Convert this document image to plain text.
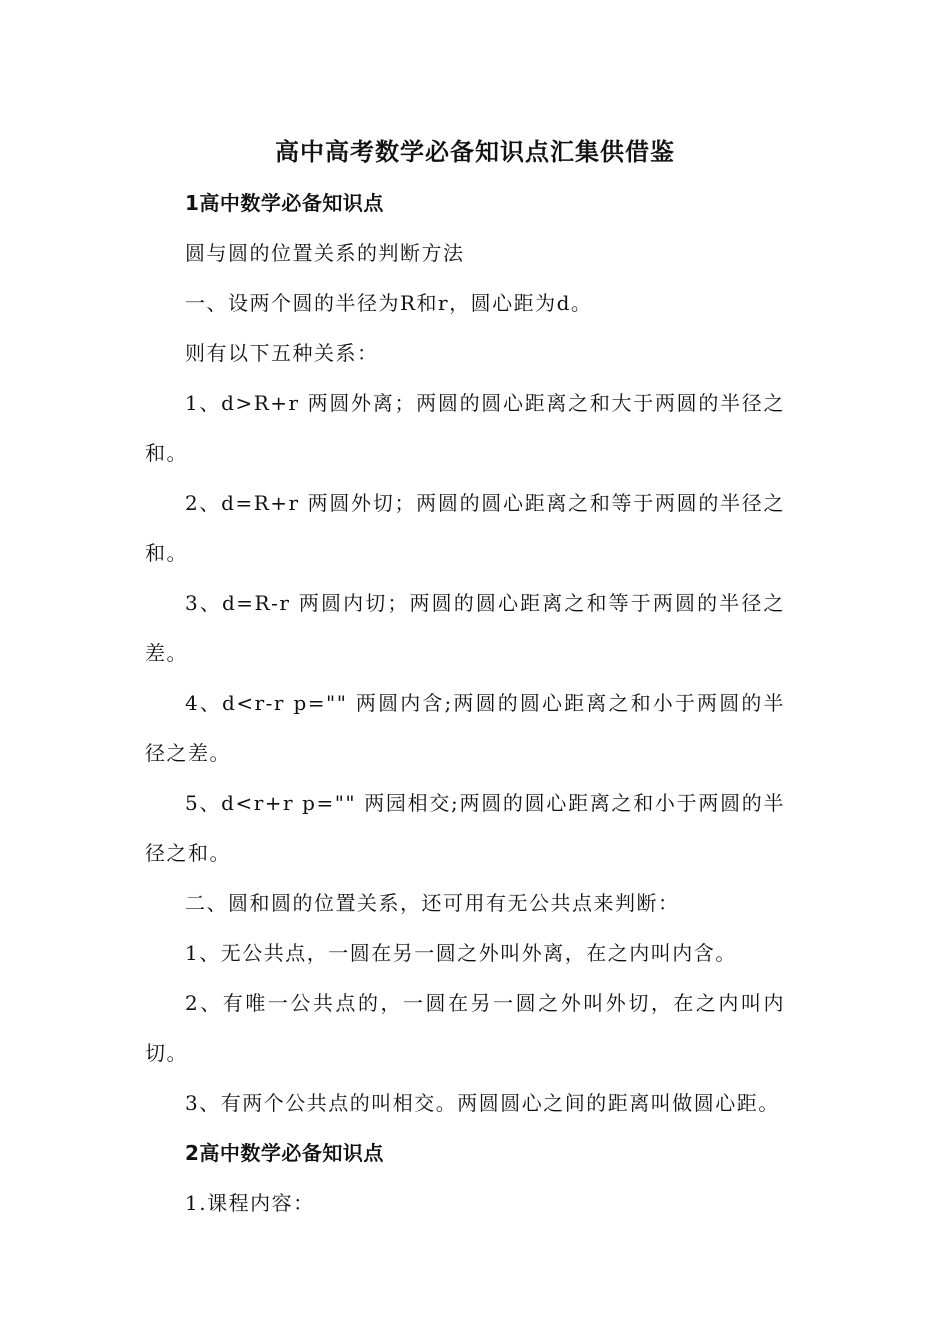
高中高考数学必备知识点汇集供借鉴

1高中数学必备知识点

圆与圆的位置关系的判断方法

一、设两个圆的半径为R和r，圆心距为d。

则有以下五种关系：

1、d>R+r 两圆外离；两圆的圆心距离之和大于两圆的半径之和。

2、d=R+r 两圆外切；两圆的圆心距离之和等于两圆的半径之和。

3、d=R-r 两圆内切；两圆的圆心距离之和等于两圆的半径之差。

4、d<r-r p="" 两圆内含;两圆的圆心距离之和小于两圆的半径之差。

5、d<r+r p="" 两园相交;两圆的圆心距离之和小于两圆的半径之和。

二、圆和圆的位置关系，还可用有无公共点来判断：

1、无公共点，一圆在另一圆之外叫外离，在之内叫内含。

2、有唯一公共点的，一圆在另一圆之外叫外切，在之内叫内切。

3、有两个公共点的叫相交。两圆圆心之间的距离叫做圆心距。

2高中数学必备知识点

1.课程内容：
